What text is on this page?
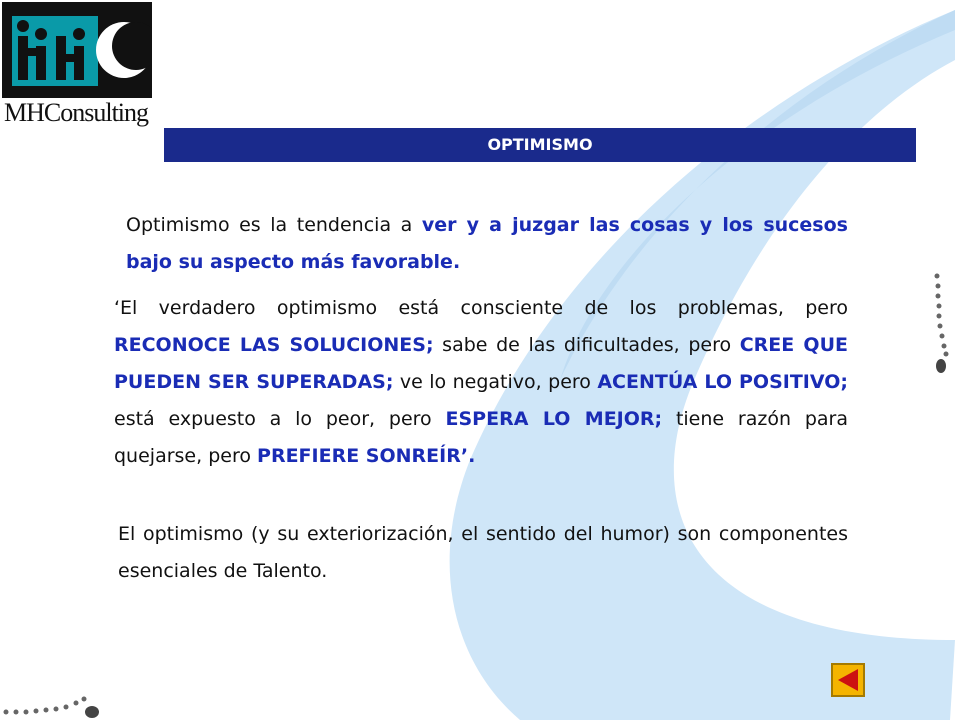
MHConsulting
OPTIMISMO
Optimismo es la tendencia a ver y a juzgar las cosas y los sucesos bajo su aspecto más favorable.
‘El verdadero optimismo está consciente de los problemas, pero RECONOCE LAS SOLUCIONES; sabe de las dificultades, pero CREE QUE PUEDEN SER SUPERADAS; ve lo negativo, pero ACENTÚA LO POSITIVO; está expuesto a lo peor, pero ESPERA LO MEJOR; tiene razón para quejarse, pero PREFIERE SONREÍR’.
El optimismo (y su exteriorización, el sentido del humor) son componentes esenciales de Talento.
